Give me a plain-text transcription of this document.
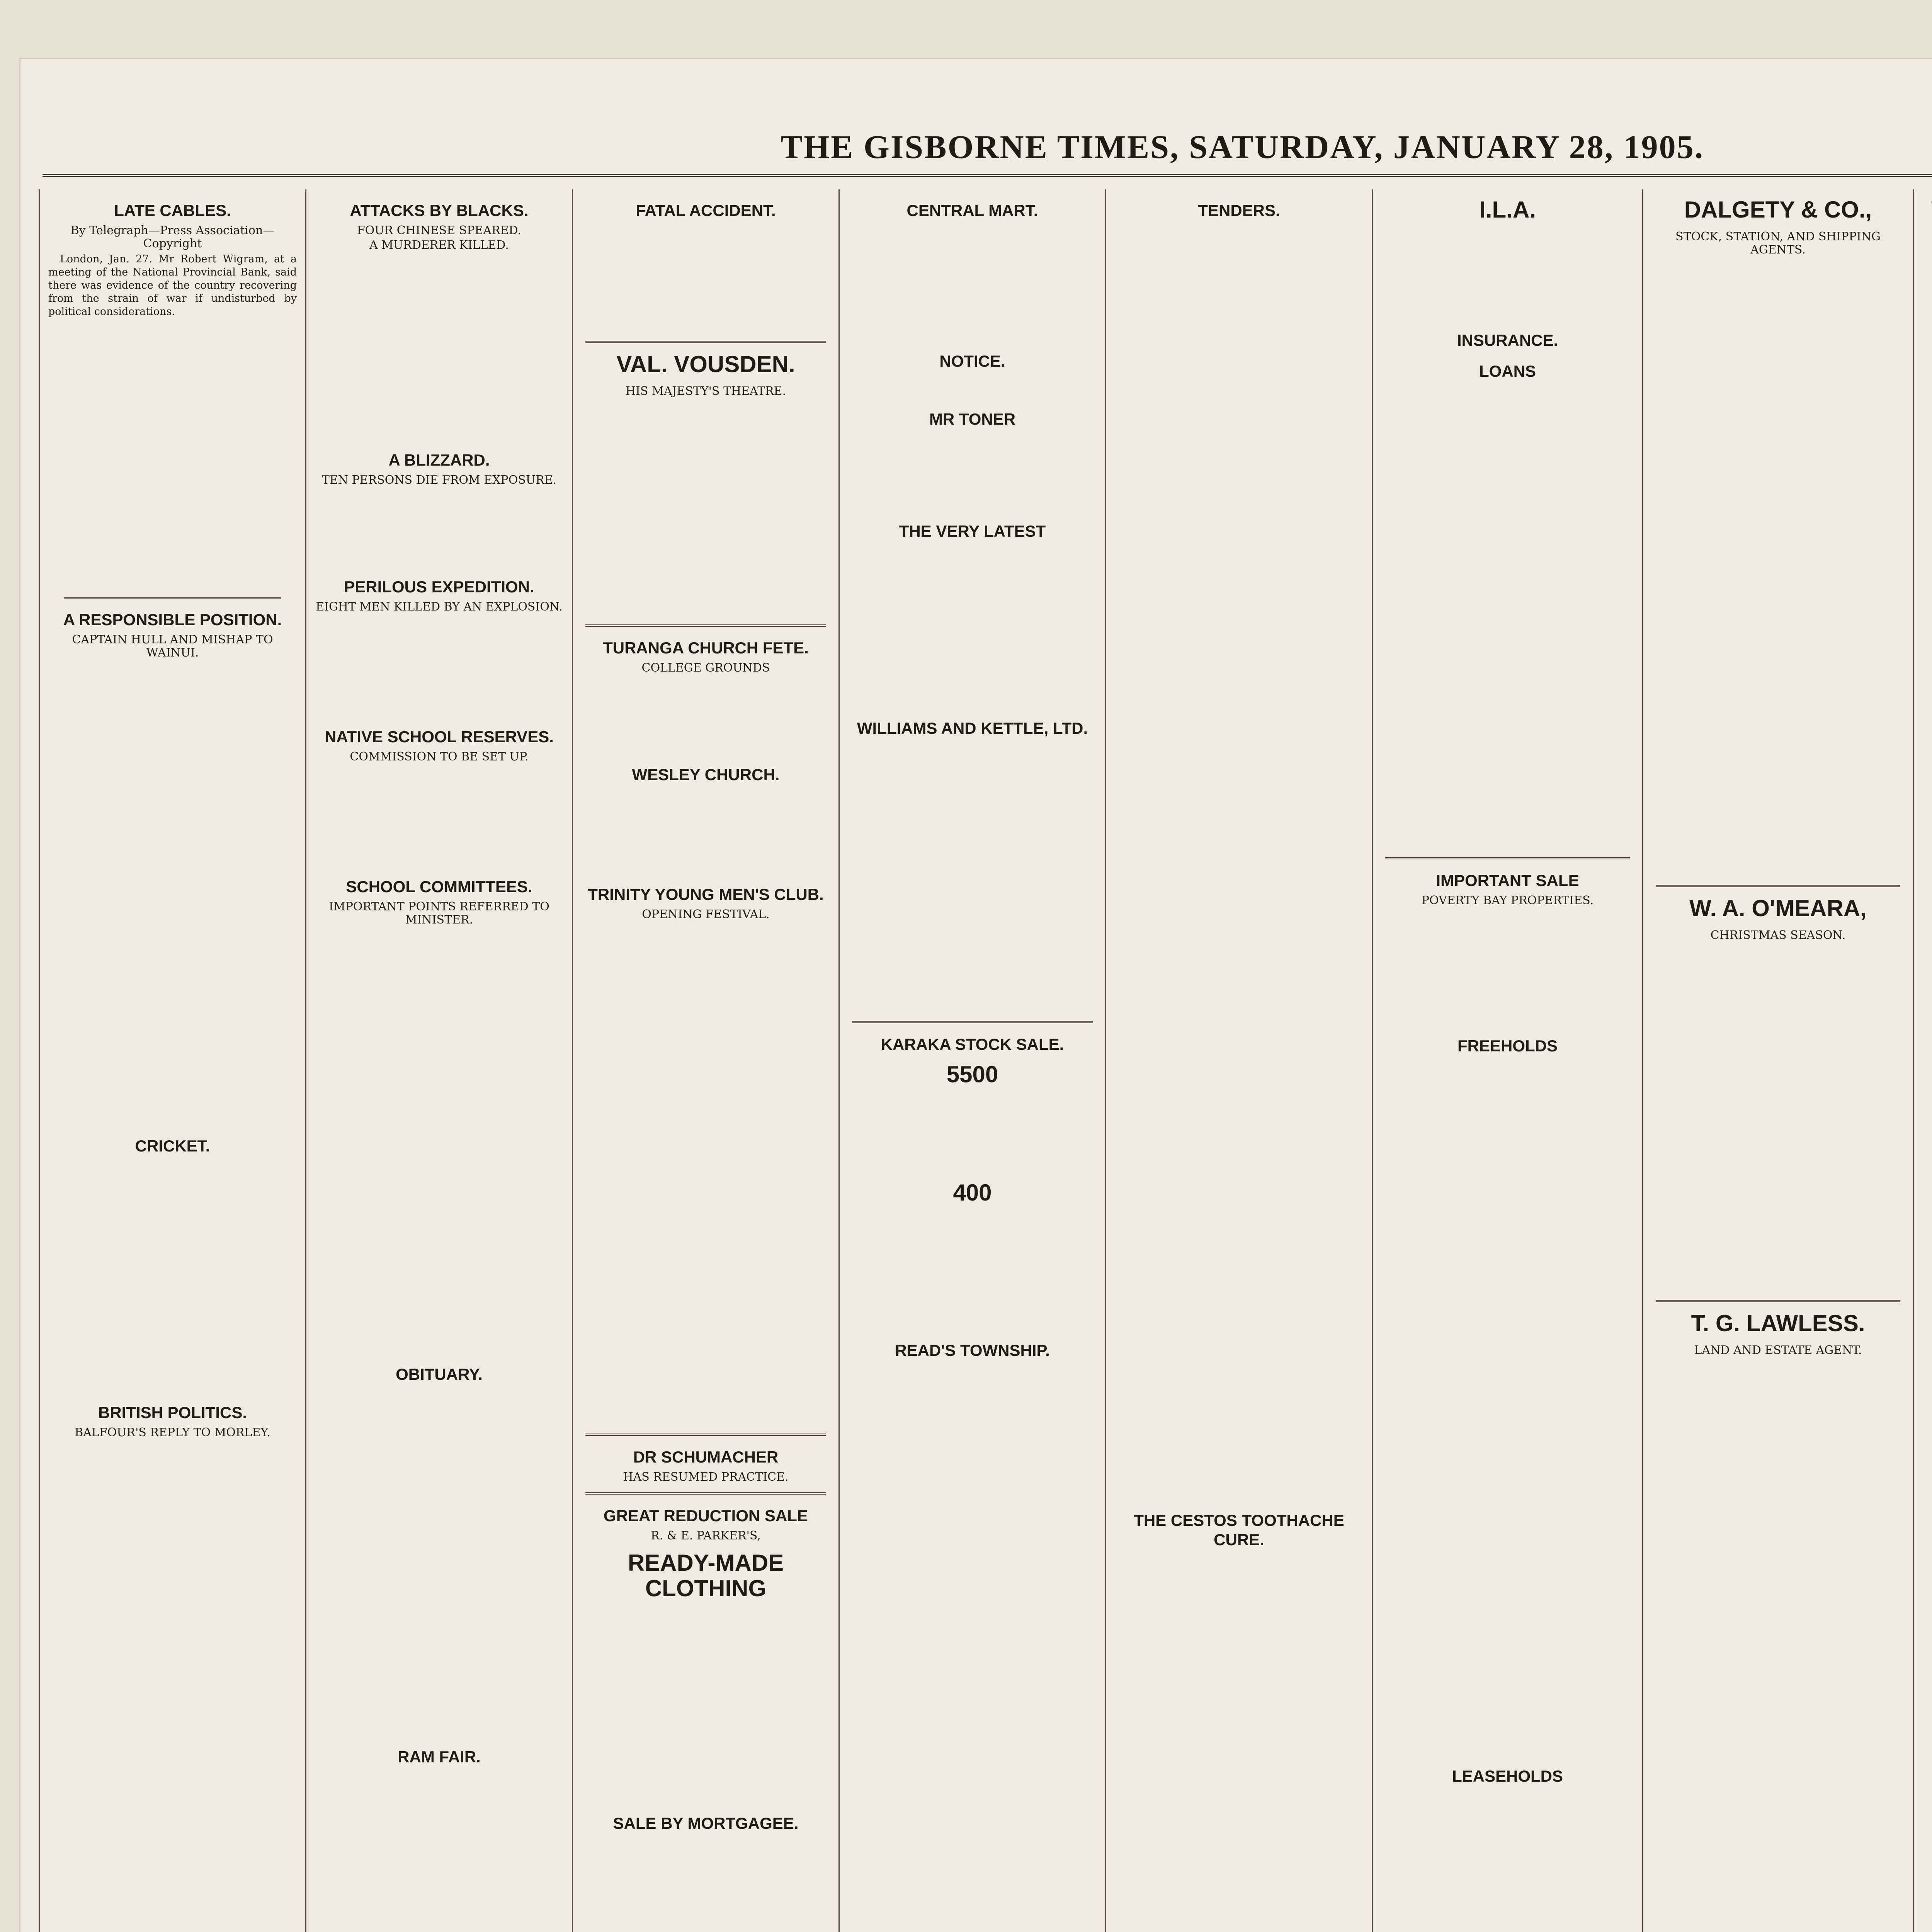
THE GISBORNE TIMES, SATURDAY, JANUARY 28, 1905.
LATE CABLES.
By Telegraph—Press Association—Copyright

London, Jan. 27. Mr Robert Wigram, at a meeting of the National Provincial Bank, said there was evidence of the country recovering from the strain of war if undisturbed by political considerations.

A RESPONSIBLE POSITION.
CAPTAIN HULL AND MISHAP TO WAINUI.
CRICKET.
BRITISH POLITICS.
BALFOUR'S REPLY TO MORLEY.
ATTACKS BY BLACKS.
FOUR CHINESE SPEARED.
A MURDERER KILLED.
A BLIZZARD.
TEN PERSONS DIE FROM EXPOSURE.
PERILOUS EXPEDITION.
EIGHT MEN KILLED BY AN EXPLOSION.
NATIVE SCHOOL RESERVES.
COMMISSION TO BE SET UP.
SCHOOL COMMITTEES.
IMPORTANT POINTS REFERRED TO MINISTER.
OBITUARY.
RAM FAIR.
FATAL ACCIDENT.
VAL. VOUSDEN.
HIS MAJESTY'S THEATRE.
TURANGA CHURCH FETE.
COLLEGE GROUNDS
WESLEY CHURCH.
TRINITY YOUNG MEN'S CLUB.
OPENING FESTIVAL.
DR SCHUMACHER
HAS RESUMED PRACTICE.
GREAT REDUCTION SALE
R. & E. PARKER'S,
READY-MADE CLOTHING
SALE BY MORTGAGEE.
CENTRAL MART.
NOTICE.
MR TONER
THE VERY LATEST
WILLIAMS AND KETTLE, LTD.
KARAKA STOCK SALE.
5500
400
READ'S TOWNSHIP.
TENDERS.
THE CESTOS TOOTHACHE CURE.
I.L.A.
INSURANCE.
LOANS
IMPORTANT SALE
POVERTY BAY PROPERTIES.
FREEHOLDS
LEASEHOLDS
DALGETY & CO.,
STOCK, STATION, AND SHIPPING AGENTS.
W. A. O'MEARA,
CHRISTMAS SEASON.
T. G. LAWLESS.
LAND AND ESTATE AGENT.
